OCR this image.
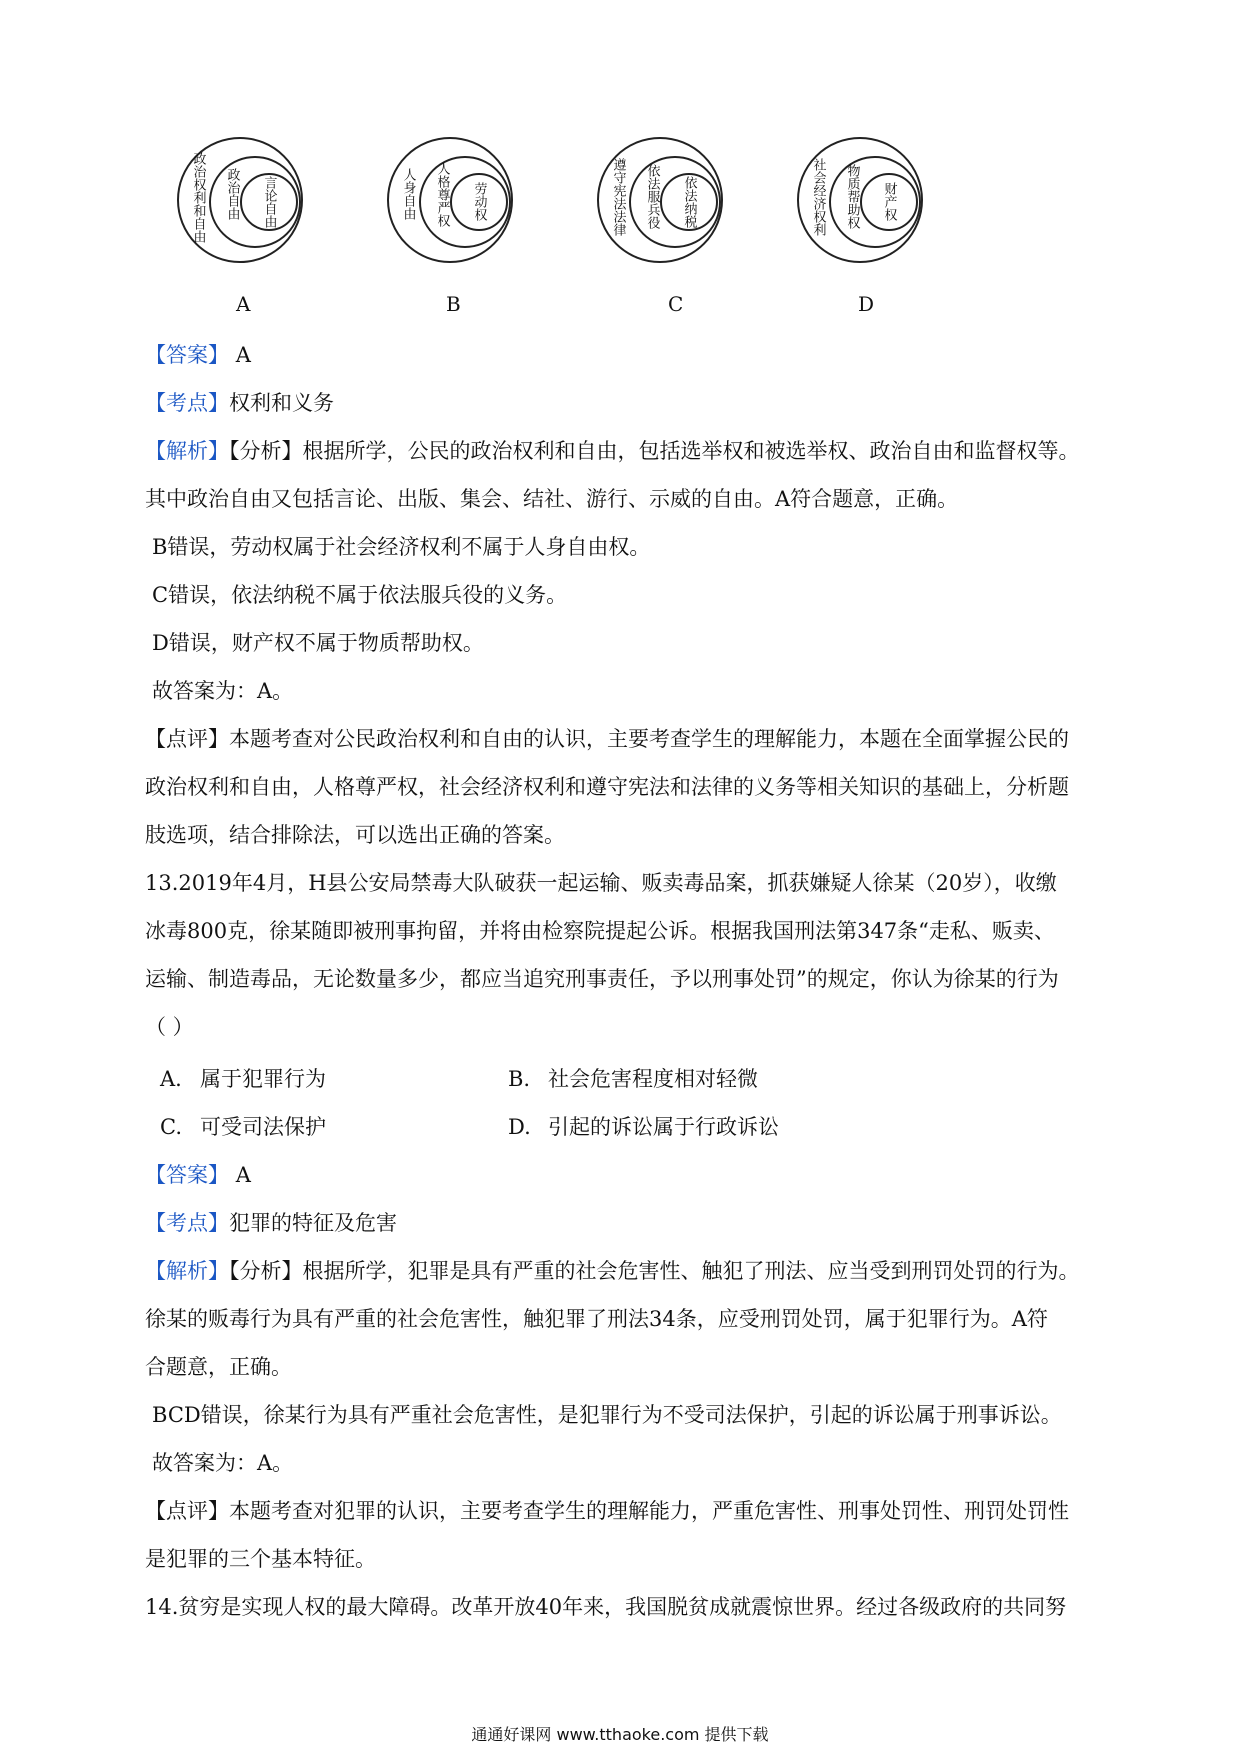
政治权利和自由 政治自由 言论自由	人身自由 人格尊严权 劳动权	遵守宪法法律 依法服兵役 依法纳税	社会经济权利 物质帮助权 财产权
A	B	C	D
【答案】 A
【考点】权利和义务
【解析】【分析】根据所学，公民的政治权利和自由，包括选举权和被选举权、政治自由和监督权等。
其中政治自由又包括言论、出版、集会、结社、游行、示威的自由。A符合题意，正确。
B错误，劳动权属于社会经济权利不属于人身自由权。
C错误，依法纳税不属于依法服兵役的义务。
D错误，财产权不属于物质帮助权。
故答案为：A。
【点评】本题考查对公民政治权利和自由的认识，主要考查学生的理解能力，本题在全面掌握公民的
政治权利和自由，人格尊严权，社会经济权利和遵守宪法和法律的义务等相关知识的基础上，分析题
肢选项，结合排除法，可以选出正确的答案。
13.2019年4月，H县公安局禁毒大队破获一起运输、贩卖毒品案，抓获嫌疑人徐某（20岁），收缴
冰毒800克，徐某随即被刑事拘留，并将由检察院提起公诉。根据我国刑法第347条“走私、贩卖、
运输、制造毒品，无论数量多少，都应当追究刑事责任，予以刑事处罚”的规定，你认为徐某的行为
（ ）
A. 属于犯罪行为	B. 社会危害程度相对轻微
C. 可受司法保护	D. 引起的诉讼属于行政诉讼
【答案】 A
【考点】犯罪的特征及危害
【解析】【分析】根据所学，犯罪是具有严重的社会危害性、触犯了刑法、应当受到刑罚处罚的行为。
徐某的贩毒行为具有严重的社会危害性，触犯罪了刑法34条，应受刑罚处罚，属于犯罪行为。A符
合题意，正确。
BCD错误，徐某行为具有严重社会危害性，是犯罪行为不受司法保护，引起的诉讼属于刑事诉讼。
故答案为：A。
【点评】本题考查对犯罪的认识，主要考查学生的理解能力，严重危害性、刑事处罚性、刑罚处罚性
是犯罪的三个基本特征。
14.贫穷是实现人权的最大障碍。改革开放40年来，我国脱贫成就震惊世界。经过各级政府的共同努
通通好课网 www.tthaoke.com 提供下载
